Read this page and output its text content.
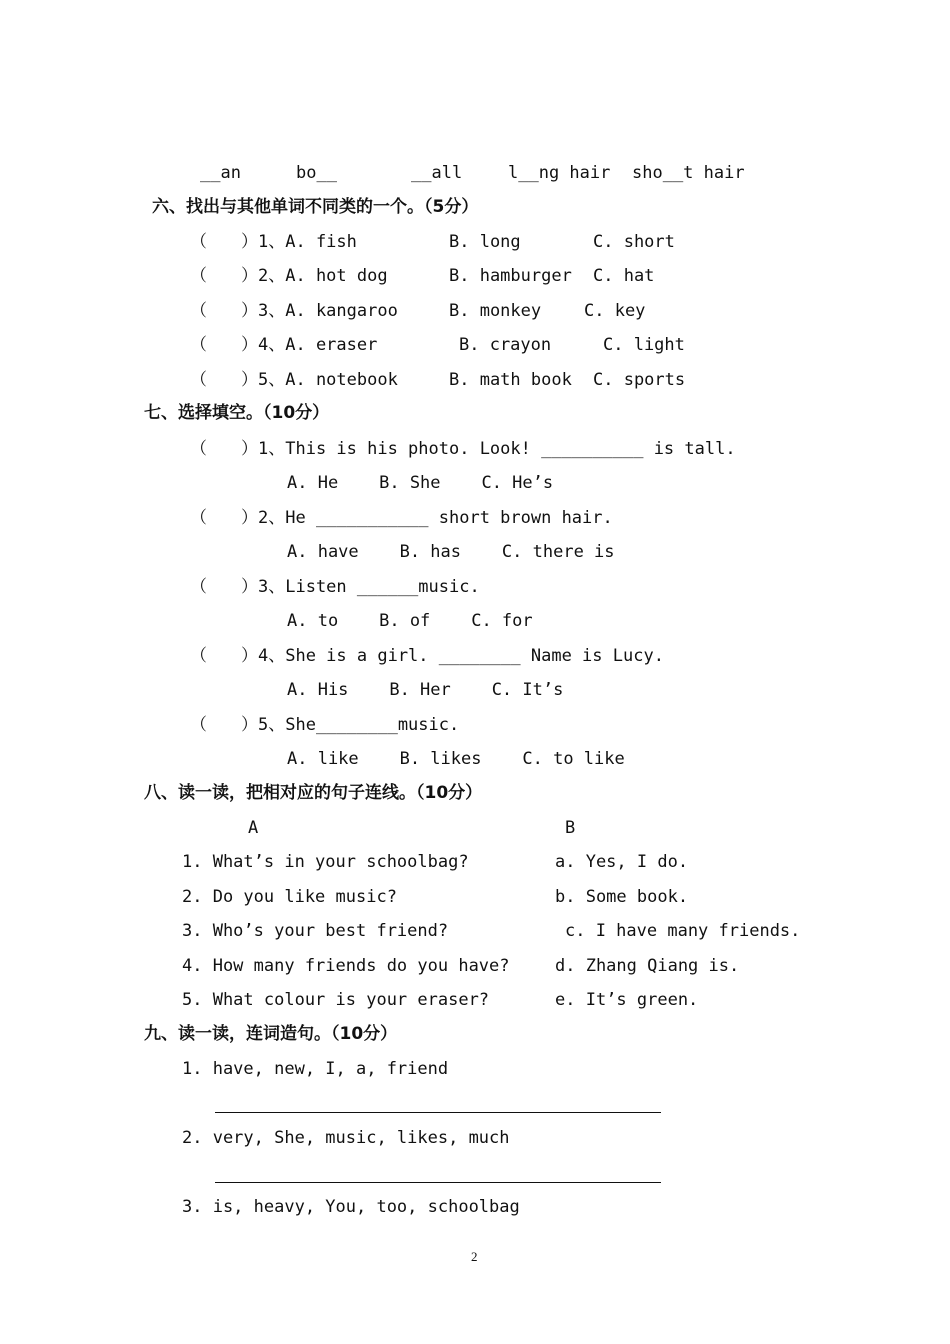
__an	bo__	__all	l__ng hair sho__t hair
六、找出与其他单词不同类的一个。（5分）
（　　）1、A. fish	B. long	C. short
（　　）2、A. hot dog	B. hamburger C. hat
（　　）3、A. kangaroo	B. monkey	C. key
（　　）4、A. eraser	B. crayon	C. light
（　　）5、A. notebook	B. math book C. sports
七、选择填空。（10分）
（　　）1、This is his photo. Look! __________ is tall.
A. He    B. She    C. He’s
（　　）2、He ___________ short brown hair.
A. have    B. has    C. there is
（　　）3、Listen ______music.
A. to    B. of    C. for
（　　）4、She is a girl. ________ Name is Lucy.
A. His    B. Her    C. It’s
（　　）5、She________music.
A. like    B. likes    C. to like
八、读一读，把相对应的句子连线。（10分）
A	B
1. What’s in your schoolbag?	a. Yes, I do.
2. Do you like music?	b. Some book.
3. Who’s your best friend?	c. I have many friends.
4. How many friends do you have?	d. Zhang Qiang is.
5. What colour is your eraser?	e. It’s green.
九、读一读，连词造句。（10分）
1. have, new, I, a, friend
2. very, She, music, likes, much
3. is, heavy, You, too, schoolbag
2
